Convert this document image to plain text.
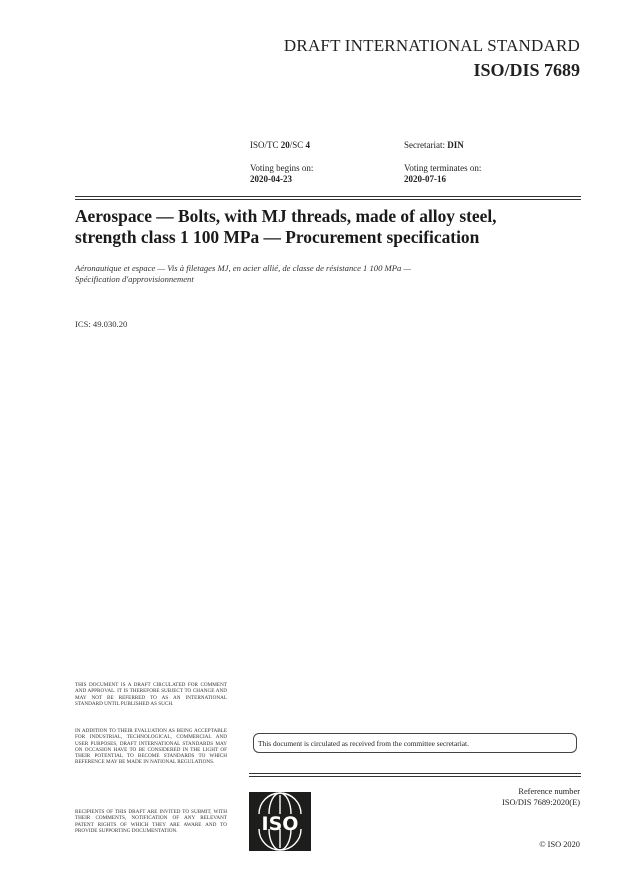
DRAFT INTERNATIONAL STANDARD
ISO/DIS 7689
ISO/TC 20/SC 4	Secretariat: DIN
Voting begins on:
2020-04-23
Voting terminates on:
2020-07-16
Aerospace — Bolts, with MJ threads, made of alloy steel,
strength class 1 100 MPa — Procurement specification
Aéronautique et espace — Vis à filetages MJ, en acier allié, de classe de résistance 1 100 MPa —
Spécification d'approvisionnement
ICS: 49.030.20
THIS DOCUMENT IS A DRAFT CIRCULATED FOR COMMENT AND APPROVAL. IT IS THEREFORE SUBJECT TO CHANGE AND MAY NOT BE REFERRED TO AS AN INTERNATIONAL STANDARD UNTIL PUBLISHED AS SUCH.
IN ADDITION TO THEIR EVALUATION AS BEING ACCEPTABLE FOR INDUSTRIAL, TECHNOLOGICAL, COMMERCIAL AND USER PURPOSES, DRAFT INTERNATIONAL STANDARDS MAY ON OCCASION HAVE TO BE CONSIDERED IN THE LIGHT OF THEIR POTENTIAL TO BECOME STANDARDS TO WHICH REFERENCE MAY BE MADE IN NATIONAL REGULATIONS.
RECIPIENTS OF THIS DRAFT ARE INVITED TO SUBMIT, WITH THEIR COMMENTS, NOTIFICATION OF ANY RELEVANT PATENT RIGHTS OF WHICH THEY ARE AWARE AND TO PROVIDE SUPPORTING DOCUMENTATION.
This document is circulated as received from the committee secretariat.
ISO
Reference number
ISO/DIS 7689:2020(E)
© ISO 2020
